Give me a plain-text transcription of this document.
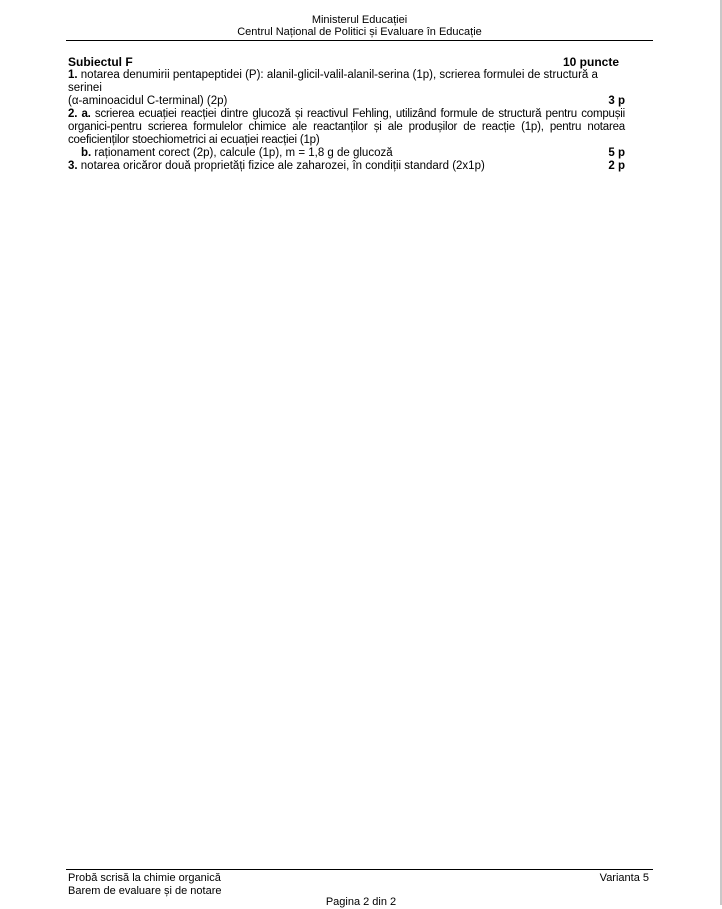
Ministerul Educației
Centrul Național de Politici și Evaluare în Educație
Subiectul F	10 puncte
1. notarea denumirii pentapeptidei (P): alanil-glicil-valil-alanil-serina (1p), scrierea formulei de structură a serinei
(α-aminoacidul C-terminal) (2p)	3 p
2. a. scrierea ecuației reacției dintre glucoză și reactivul Fehling, utilizând formule de structură pentru compușii organici-pentru scrierea formulelor chimice ale reactanților și ale produșilor de reacție (1p), pentru notarea coeficienților stoechiometrici ai ecuației reacției (1p)
b. raționament corect (2p), calcule (1p), m = 1,8 g de glucoză	5 p
3. notarea oricăror două proprietăți fizice ale zaharozei, în condiții standard (2x1p)	2 p
Probă scrisă la chimie organică
Barem de evaluare și de notare
Varianta 5
Pagina 2 din 2
